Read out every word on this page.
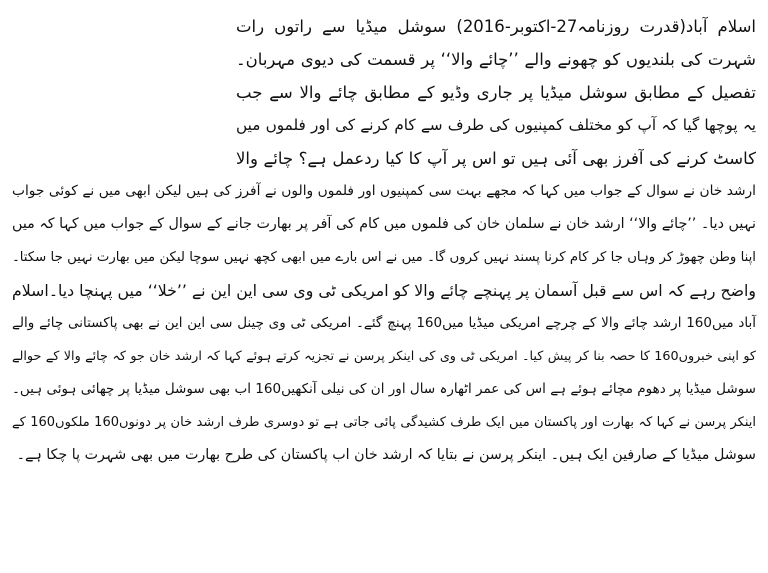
اسلام آباد(قدرت روزنامہ27-اکتوبر-2016) سوشل میڈیا سے راتوں رات
شہرت کی بلندیوں کو چھونے والے ’’چائے والا‘‘ پر قسمت کی دیوی مہربان۔
تفصیل کے مطابق سوشل میڈیا پر جاری وڈیو کے مطابق چائے والا سے جب
یہ پوچھا گیا کہ آپ کو مختلف کمپنیوں کی طرف سے کام کرنے کی اور فلموں میں
کاسٹ کرنے کی آفرز بھی آئی ہیں تو اس پر آپ کا کیا ردعمل ہے؟ چائے والا
ارشد خان نے سوال کے جواب میں کہا کہ مجھے بہت سی کمپنیوں اور فلموں والوں نے آفرز کی ہیں لیکن ابھی میں نے کوئی جواب
نہیں دیا۔ ’’چائے والا‘‘ ارشد خان نے سلمان خان کی فلموں میں کام کی آفر پر بھارت جانے کے سوال کے جواب میں کہا کہ میں
اپنا وطن چھوڑ کر وہاں جا کر کام کرنا پسند نہیں کروں گا۔ میں نے اس بارے میں ابھی کچھ نہیں سوچا لیکن میں بھارت نہیں جا سکتا۔
واضح رہے کہ اس سے قبل آسمان پر پہنچے چائے والا کو امریکی ٹی وی سی این این نے ’’خلا‘‘ میں پہنچا دیا۔اسلام
آباد میں160 ارشد چائے والا کے چرچے امریکی میڈیا میں160 پہنچ گئے۔ امریکی ٹی وی چینل سی این این نے بھی پاکستانی چائے والے
کو اپنی خبروں160 کا حصہ بنا کر پیش کیا۔ امریکی ٹی وی کی اینکر پرسن نے تجزیہ کرتے ہوئے کہا کہ ارشد خان جو کہ چائے والا کے حوالے
سوشل میڈیا پر دھوم مچائے ہوئے ہے اس کی عمر اٹھارہ سال اور ان کی نیلی آنکھیں160 اب بھی سوشل میڈیا پر چھائی ہوئی ہیں۔
اینکر پرسن نے کہا کہ بھارت اور پاکستان میں ایک طرف کشیدگی پائی جاتی ہے تو دوسری طرف ارشد خان پر دونوں160 ملکوں160 کے
سوشل میڈیا کے صارفین ایک ہیں۔ اینکر پرسن نے بتایا کہ ارشد خان اب پاکستان کی طرح بھارت میں بھی شہرت پا چکا ہے۔
